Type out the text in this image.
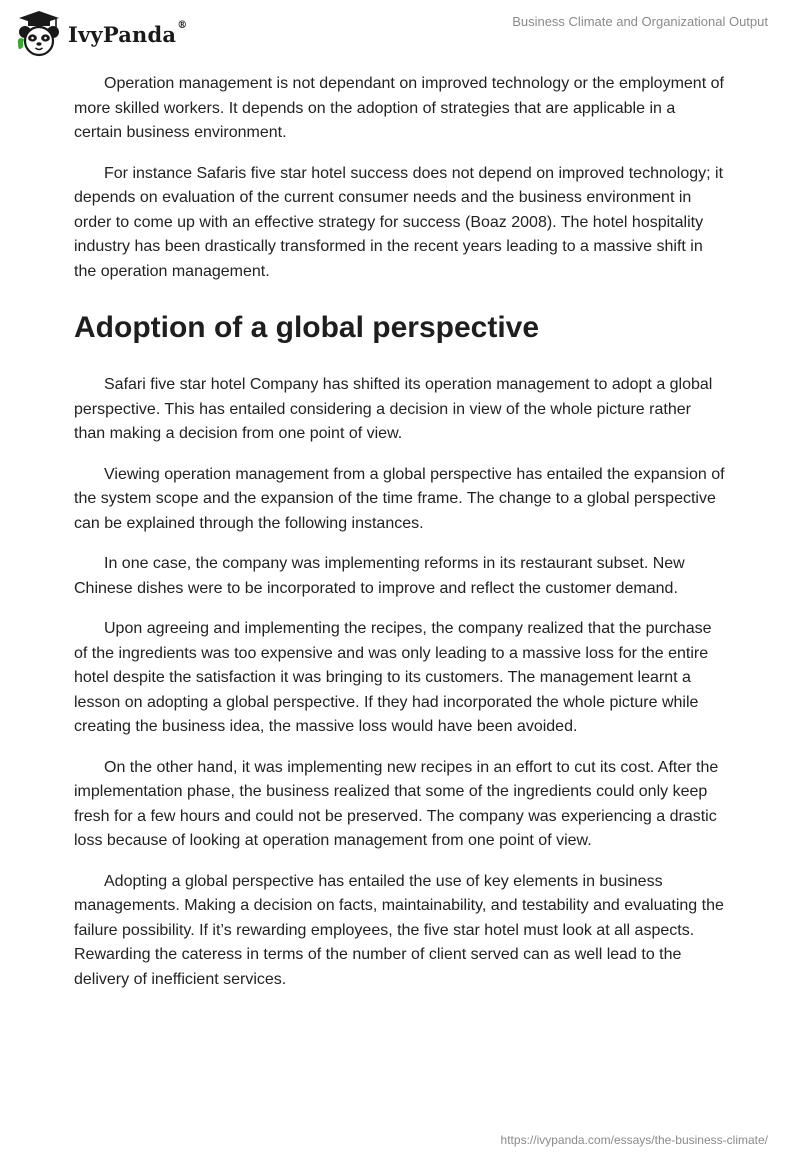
IvyPanda®	Business Climate and Organizational Output

Operation management is not dependant on improved technology or the employment of more skilled workers. It depends on the adoption of strategies that are applicable in a certain business environment.

For instance Safaris five star hotel success does not depend on improved technology; it depends on evaluation of the current consumer needs and the business environment in order to come up with an effective strategy for success (Boaz 2008). The hotel hospitality industry has been drastically transformed in the recent years leading to a massive shift in the operation management.

Adoption of a global perspective

Safari five star hotel Company has shifted its operation management to adopt a global perspective. This has entailed considering a decision in view of the whole picture rather than making a decision from one point of view.

Viewing operation management from a global perspective has entailed the expansion of the system scope and the expansion of the time frame. The change to a global perspective can be explained through the following instances.

In one case, the company was implementing reforms in its restaurant subset. New Chinese dishes were to be incorporated to improve and reflect the customer demand.

Upon agreeing and implementing the recipes, the company realized that the purchase of the ingredients was too expensive and was only leading to a massive loss for the entire hotel despite the satisfaction it was bringing to its customers. The management learnt a lesson on adopting a global perspective. If they had incorporated the whole picture while creating the business idea, the massive loss would have been avoided.

On the other hand, it was implementing new recipes in an effort to cut its cost. After the implementation phase, the business realized that some of the ingredients could only keep fresh for a few hours and could not be preserved. The company was experiencing a drastic loss because of looking at operation management from one point of view.

Adopting a global perspective has entailed the use of key elements in business managements. Making a decision on facts, maintainability, and testability and evaluating the failure possibility. If it’s rewarding employees, the five star hotel must look at all aspects. Rewarding the cateress in terms of the number of client served can as well lead to the delivery of inefficient services.

https://ivypanda.com/essays/the-business-climate/
